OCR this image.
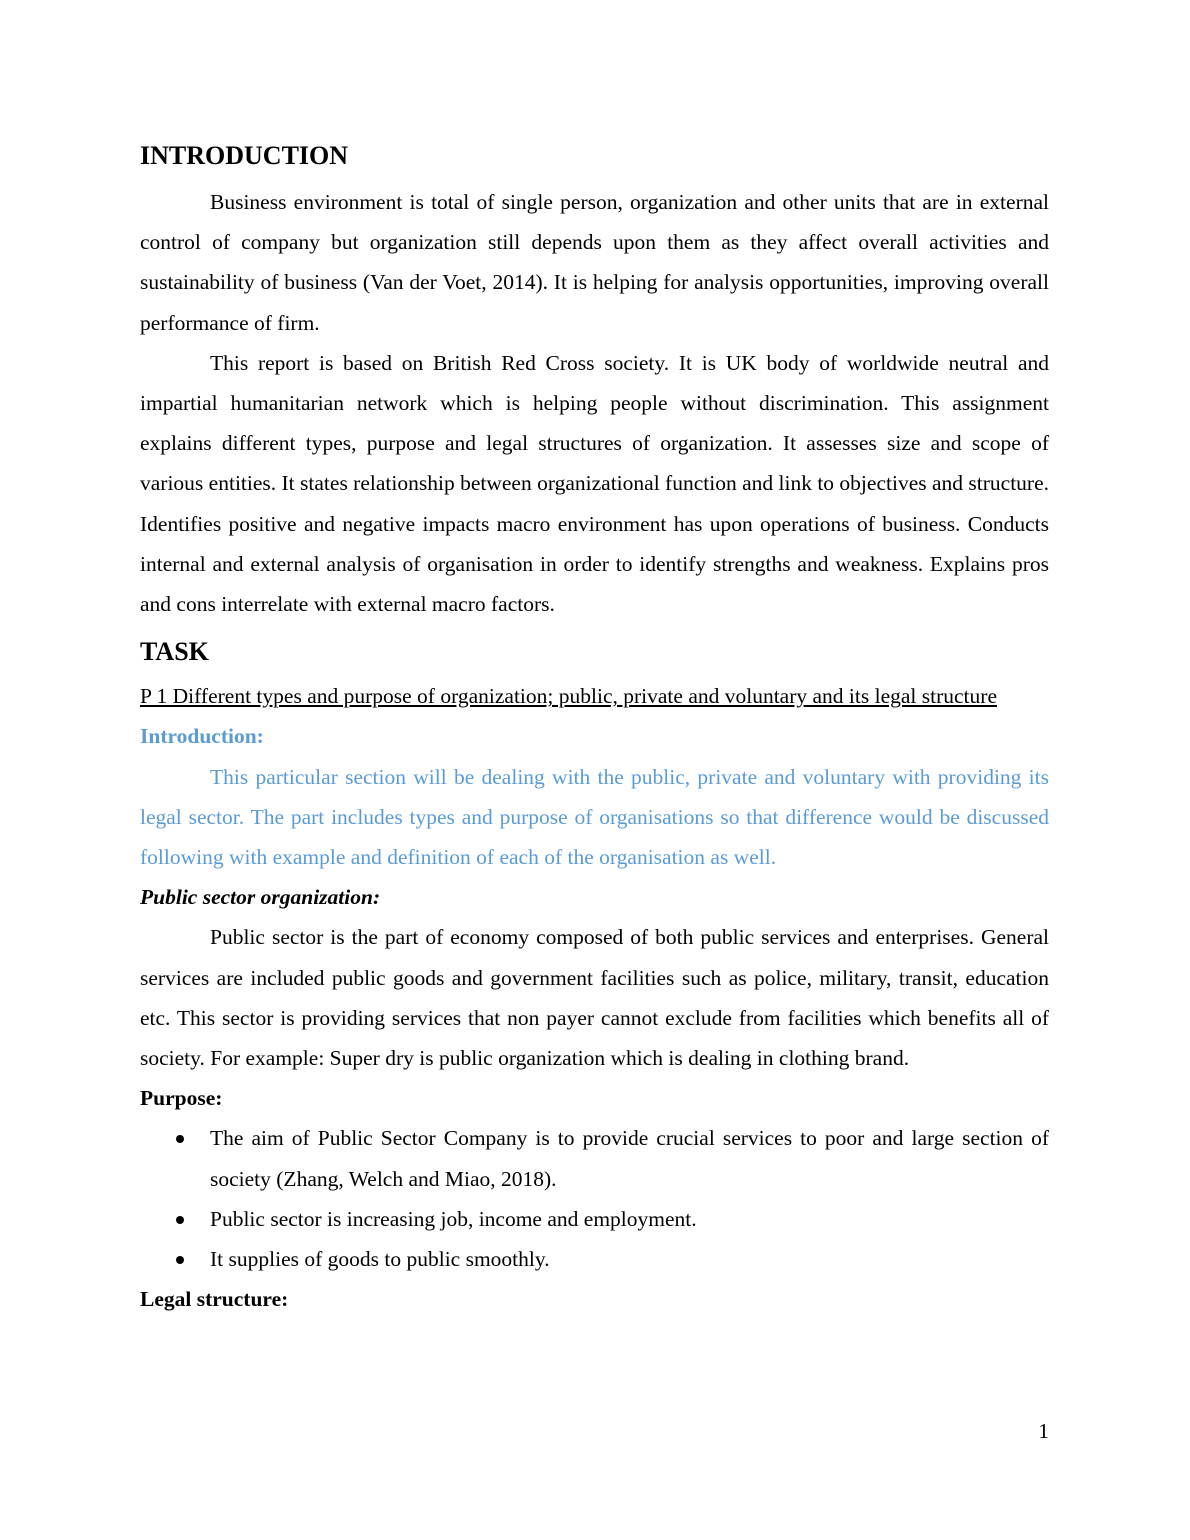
INTRODUCTION

Business environment is total of single person, organization and other units that are in external control of company but organization still depends upon them as they affect overall activities and sustainability of business (Van der Voet, 2014). It is helping for analysis opportunities, improving overall performance of firm.

This report is based on British Red Cross society. It is UK body of worldwide neutral and impartial humanitarian network which is helping people without discrimination. This assignment explains different types, purpose and legal structures of organization. It assesses size and scope of various entities. It states relationship between organizational function and link to objectives and structure. Identifies positive and negative impacts macro environment has upon operations of business. Conducts internal and external analysis of organisation in order to identify strengths and weakness. Explains pros and cons interrelate with external macro factors.

TASK

P 1 Different types and purpose of organization; public, private and voluntary and its legal structure

Introduction:

This particular section will be dealing with the public, private and voluntary with providing its legal sector. The part includes types and purpose of organisations so that difference would be discussed following with example and definition of each of the organisation as well.

Public sector organization:

Public sector is the part of economy composed of both public services and enterprises. General services are included public goods and government facilities such as police, military, transit, education etc. This sector is providing services that non payer cannot exclude from facilities which benefits all of society. For example: Super dry is public organization which is dealing in clothing brand.

Purpose:

The aim of Public Sector Company is to provide crucial services to poor and large section of society (Zhang, Welch and Miao, 2018).
Public sector is increasing job, income and employment.
It supplies of goods to public smoothly.

Legal structure:

1
